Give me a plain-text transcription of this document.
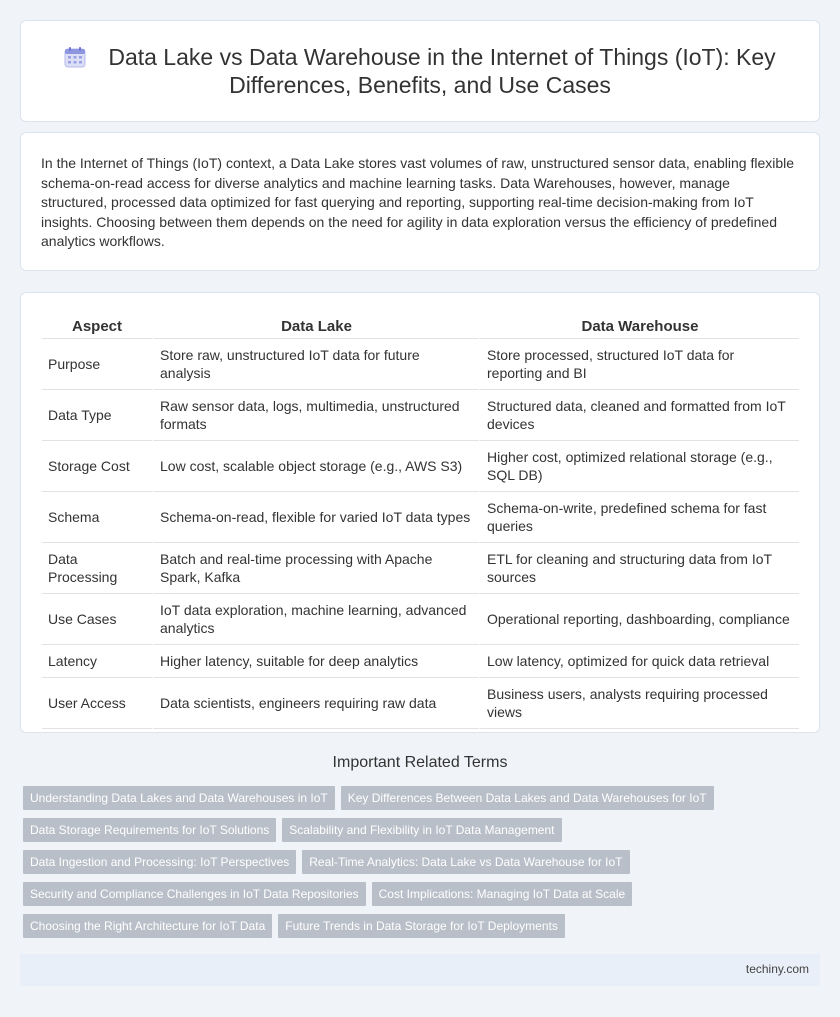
Data Lake vs Data Warehouse in the Internet of Things (IoT): Key Differences, Benefits, and Use Cases

In the Internet of Things (IoT) context, a Data Lake stores vast volumes of raw, unstructured sensor data, enabling flexible schema-on-read access for diverse analytics and machine learning tasks. Data Warehouses, however, manage structured, processed data optimized for fast querying and reporting, supporting real-time decision-making from IoT insights. Choosing between them depends on the need for agility in data exploration versus the efficiency of predefined analytics workflows.

Aspect	Data Lake	Data Warehouse
Purpose	Store raw, unstructured IoT data for future analysis	Store processed, structured IoT data for reporting and BI
Data Type	Raw sensor data, logs, multimedia, unstructured formats	Structured data, cleaned and formatted from IoT devices
Storage Cost	Low cost, scalable object storage (e.g., AWS S3)	Higher cost, optimized relational storage (e.g., SQL DB)
Schema	Schema-on-read, flexible for varied IoT data types	Schema-on-write, predefined schema for fast queries
Data Processing	Batch and real-time processing with Apache Spark, Kafka	ETL for cleaning and structuring data from IoT sources
Use Cases	IoT data exploration, machine learning, advanced analytics	Operational reporting, dashboarding, compliance
Latency	Higher latency, suitable for deep analytics	Low latency, optimized for quick data retrieval
User Access	Data scientists, engineers requiring raw data	Business users, analysts requiring processed views
Important Related Terms
Understanding Data Lakes and Data Warehouses in IoT Key Differences Between Data Lakes and Data Warehouses for IoT
Data Storage Requirements for IoT Solutions Scalability and Flexibility in IoT Data Management
Data Ingestion and Processing: IoT Perspectives Real-Time Analytics: Data Lake vs Data Warehouse for IoT
Security and Compliance Challenges in IoT Data Repositories Cost Implications: Managing IoT Data at Scale
Choosing the Right Architecture for IoT Data Future Trends in Data Storage for IoT Deployments
techiny.com
